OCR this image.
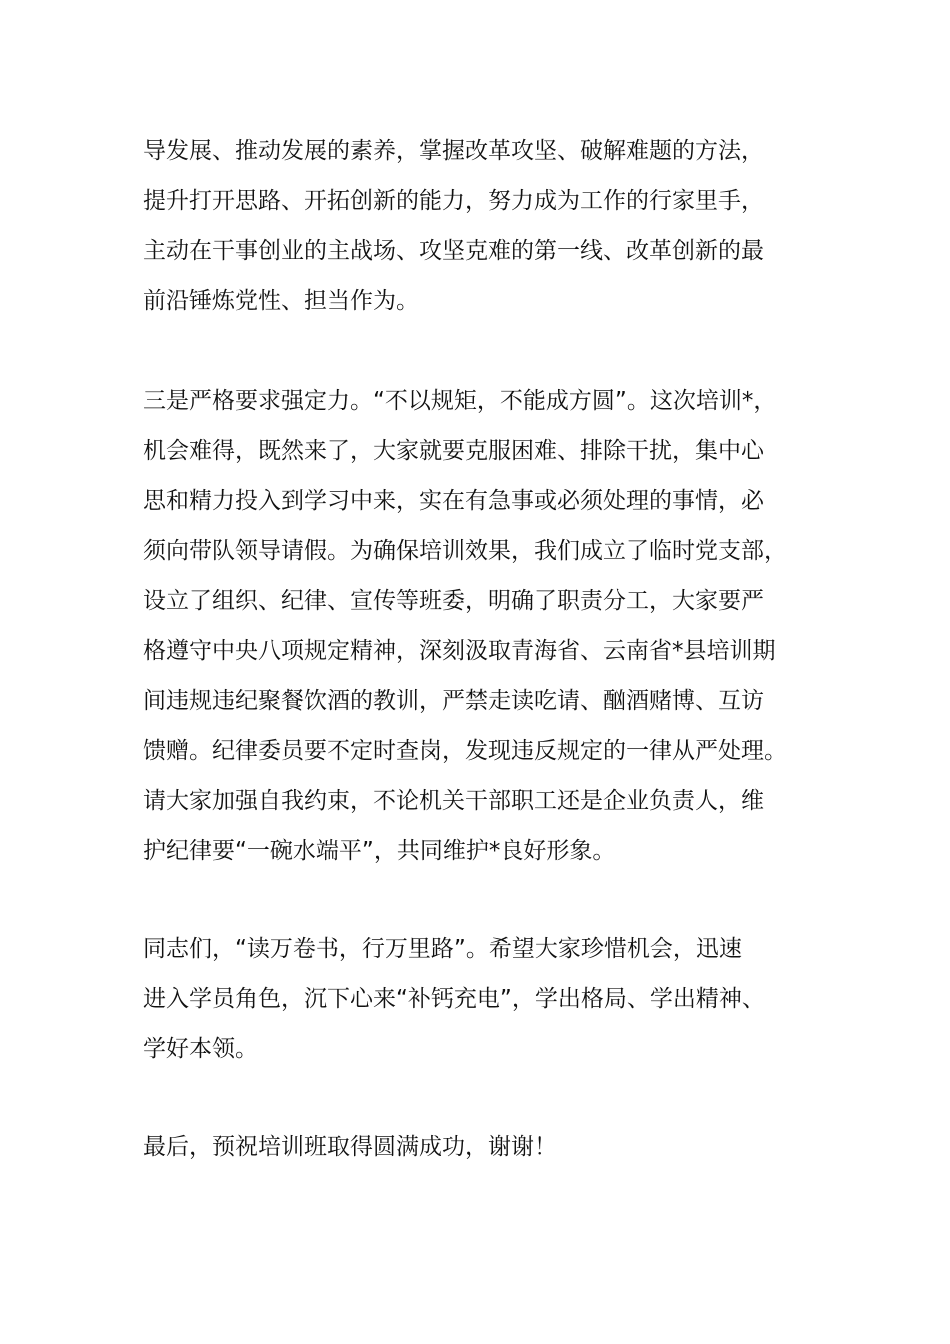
导发展、推动发展的素养，掌握改革攻坚、破解难题的方法，
提升打开思路、开拓创新的能力，努力成为工作的行家里手，
主动在干事创业的主战场、攻坚克难的第一线、改革创新的最
前沿锤炼党性、担当作为。
三是严格要求强定力。“不以规矩，不能成方圆”。这次培训*，
机会难得，既然来了，大家就要克服困难、排除干扰，集中心
思和精力投入到学习中来，实在有急事或必须处理的事情，必
须向带队领导请假。为确保培训效果，我们成立了临时党支部，
设立了组织、纪律、宣传等班委，明确了职责分工，大家要严
格遵守中央八项规定精神，深刻汲取青海省、云南省*县培训期
间违规违纪聚餐饮酒的教训，严禁走读吃请、酗酒赌博、互访
馈赠。纪律委员要不定时查岗，发现违反规定的一律从严处理。
请大家加强自我约束，不论机关干部职工还是企业负责人，维
护纪律要“一碗水端平”，共同维护*良好形象。
同志们，“读万卷书，行万里路”。希望大家珍惜机会，迅速
进入学员角色，沉下心来“补钙充电”，学出格局、学出精神、
学好本领。
最后，预祝培训班取得圆满成功，谢谢！
